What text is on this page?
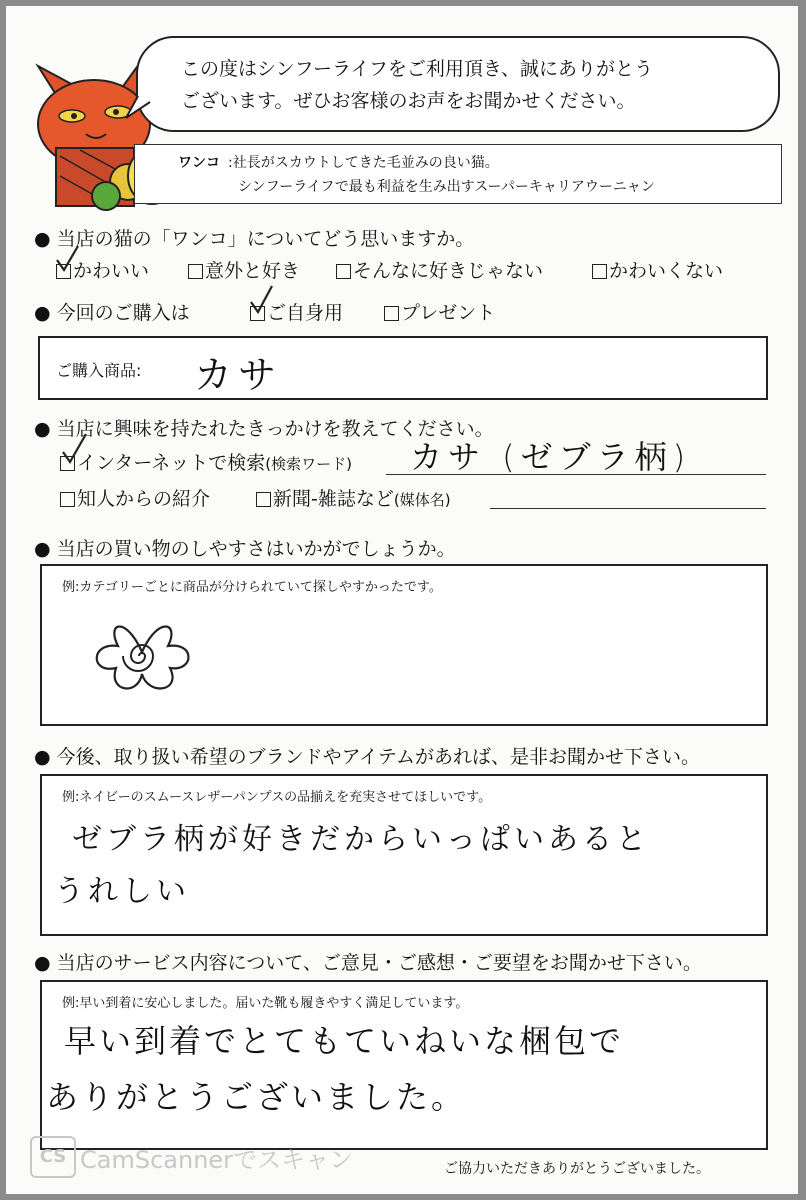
この度はシンフーライフをご利用頂き、誠にありがとう
ございます。ぜひお客様のお声をお聞かせください。
ワンコ :社長がスカウトしてきた毛並みの良い猫。
シンフーライフで最も利益を生み出すスーパーキャリアウーニャン
● 当店の猫の「ワンコ」についてどう思いますか。
かわいい	意外と好き	そんなに好きじゃない	かわいくない
● 今回のご購入は	ご自身用	プレゼント
ご購入商品: カサ
● 当店に興味を持たれたきっかけを教えてください。
インターネットで検索(検索ワード) カサ (ゼブラ柄)
知人からの紹介	新聞-雑誌など(媒体名)
● 当店の買い物のしやすさはいかがでしょうか。
例:カテゴリーごとに商品が分けられていて探しやすかったです。
● 今後、取り扱い希望のブランドやアイテムがあれば、是非お聞かせ下さい。
例:ネイビーのスムースレザーパンプスの品揃えを充実させてほしいです。
ゼブラ柄が好きだからいっぱいあると
うれしい
● 当店のサービス内容について、ご意見・ご感想・ご要望をお聞かせ下さい。
例:早い到着に安心しました。届いた靴も履きやすく満足しています。
早い到着でとてもていねいな梱包で
ありがとうございました。
ご協力いただきありがとうございました。
CS CamScannerでスキャン
